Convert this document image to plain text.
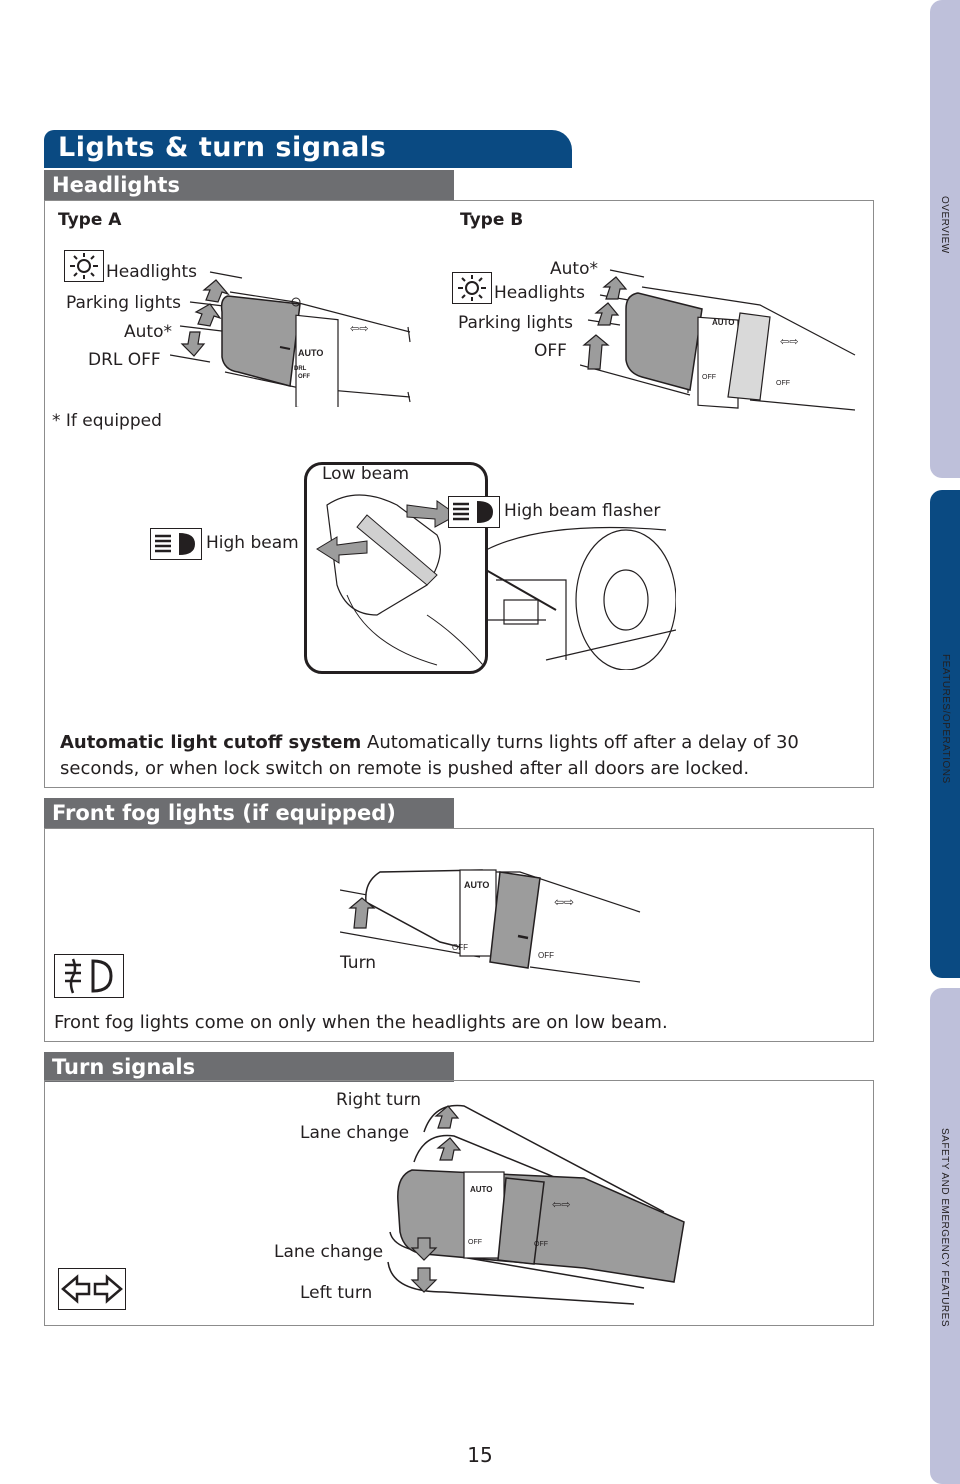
OVERVIEW
FEATURES/OPERATIONS
SAFETY AND EMERGENCY FEATURES
Lights & turn signals
Headlights
Type A	Type B
Headlights
Parking lights
Auto*
DRL OFF	AUTO
DRL
OFF
⇦⇨
Auto*
Headlights
Parking lights
OFF
AUTO
OFF
OFF
⇦⇨
* If equipped
High beam
Low beam
High beam flasher
Automatic light cutoff system Automatically turns lights off after a delay of 30 seconds, or when lock switch on remote is pushed after all doors are locked.
Front fog lights (if equipped)
AUTO
OFF
OFF
⇦⇨
Turn
Front fog lights come on only when the headlights are on low beam.
Turn signals
Right turn
Lane change
Lane change
Left turn
AUTO
OFF	OFF
⇦⇨
15
